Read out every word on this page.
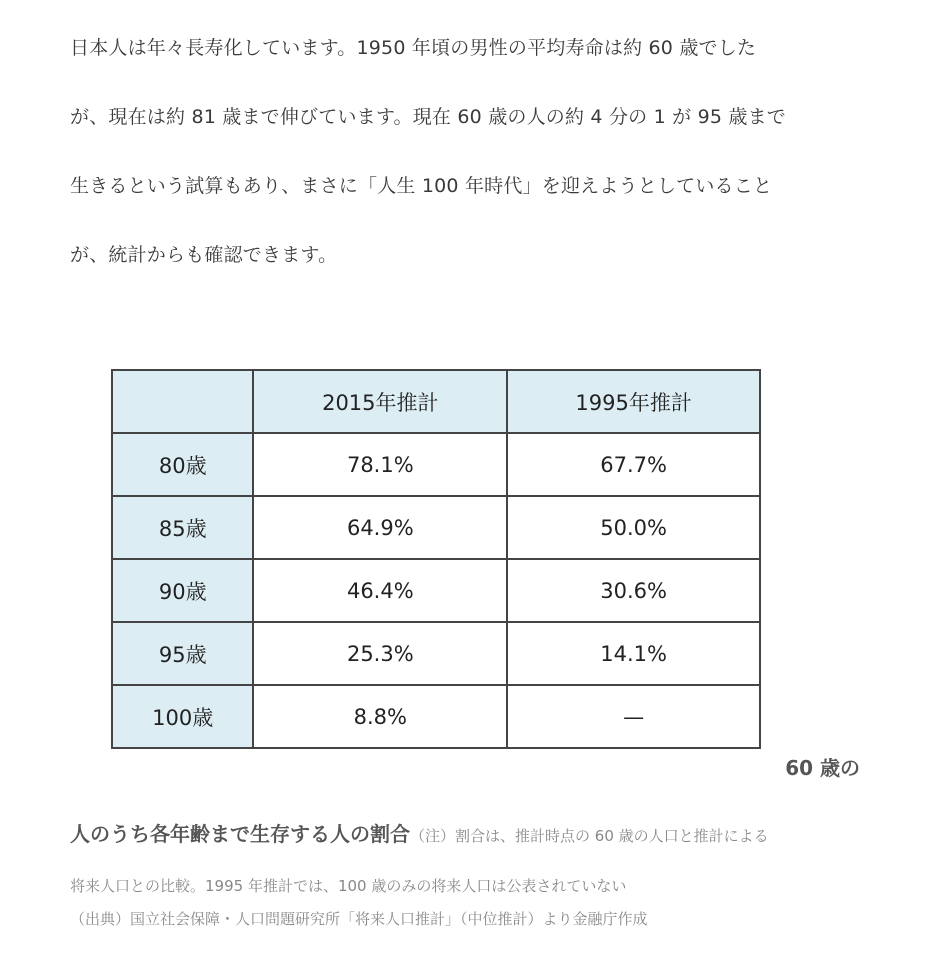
日本人は年々長寿化しています。1950 年頃の男性の平均寿命は約 60 歳でした
が、現在は約 81 歳まで伸びています。現在 60 歳の人の約 4 分の 1 が 95 歳まで
生きるという試算もあり、まさに「人生 100 年時代」を迎えようとしていること
が、統計からも確認できます。

	2015年推計	1995年推計
80歳	78.1%	67.7%
85歳	64.9%	50.0%
90歳	46.4%	30.6%
95歳	25.3%	14.1%
100歳	8.8%	—

60 歳の

人のうち各年齢まで生存する人の割合（注）割合は、推計時点の 60 歳の人口と推計による

将来人口との比較。1995 年推計では、100 歳のみの将来人口は公表されていない

（出典）国立社会保障・人口問題研究所「将来人口推計」（中位推計）より金融庁作成
